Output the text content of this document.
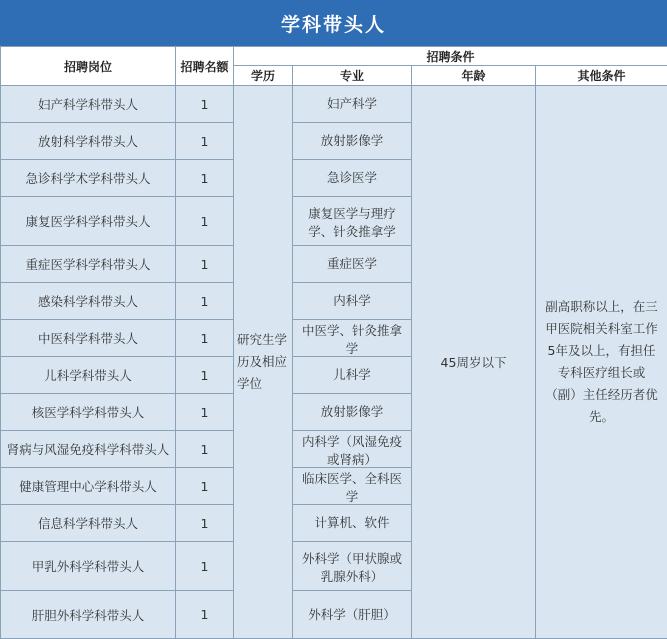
学科带头人
招聘岗位	招聘名额	招聘条件			
		学历	专业	年龄	其他条件
妇产科学科带头人	1	研究生学历及相应学位	妇产科学	45周岁以下	副高职称以上，在三甲医院相关科室工作5年及以上，有担任专科医疗组长或（副）主任经历者优先。
放射科学科带头人	1		放射影像学		

急诊科学术学科带头人	1		急诊医学		

康复医学科学科带头人	1		康复医学与理疗学、针灸推拿学		

重症医学科学科带头人	1		重症医学		

感染科学科带头人	1		内科学		

中医科学科带头人	1		中医学、针灸推拿学		

儿科学科带头人	1		儿科学		

核医学科学科带头人	1		放射影像学		

肾病与风湿免疫科学科带头人	1		内科学（风湿免疫或肾病）		

健康管理中心学科带头人	1		临床医学、全科医学		

信息科学科带头人	1		计算机、软件		

甲乳外科学科带头人	1		外科学（甲状腺或乳腺外科）		

肝胆外科学科带头人	1		外科学（肝胆）		
